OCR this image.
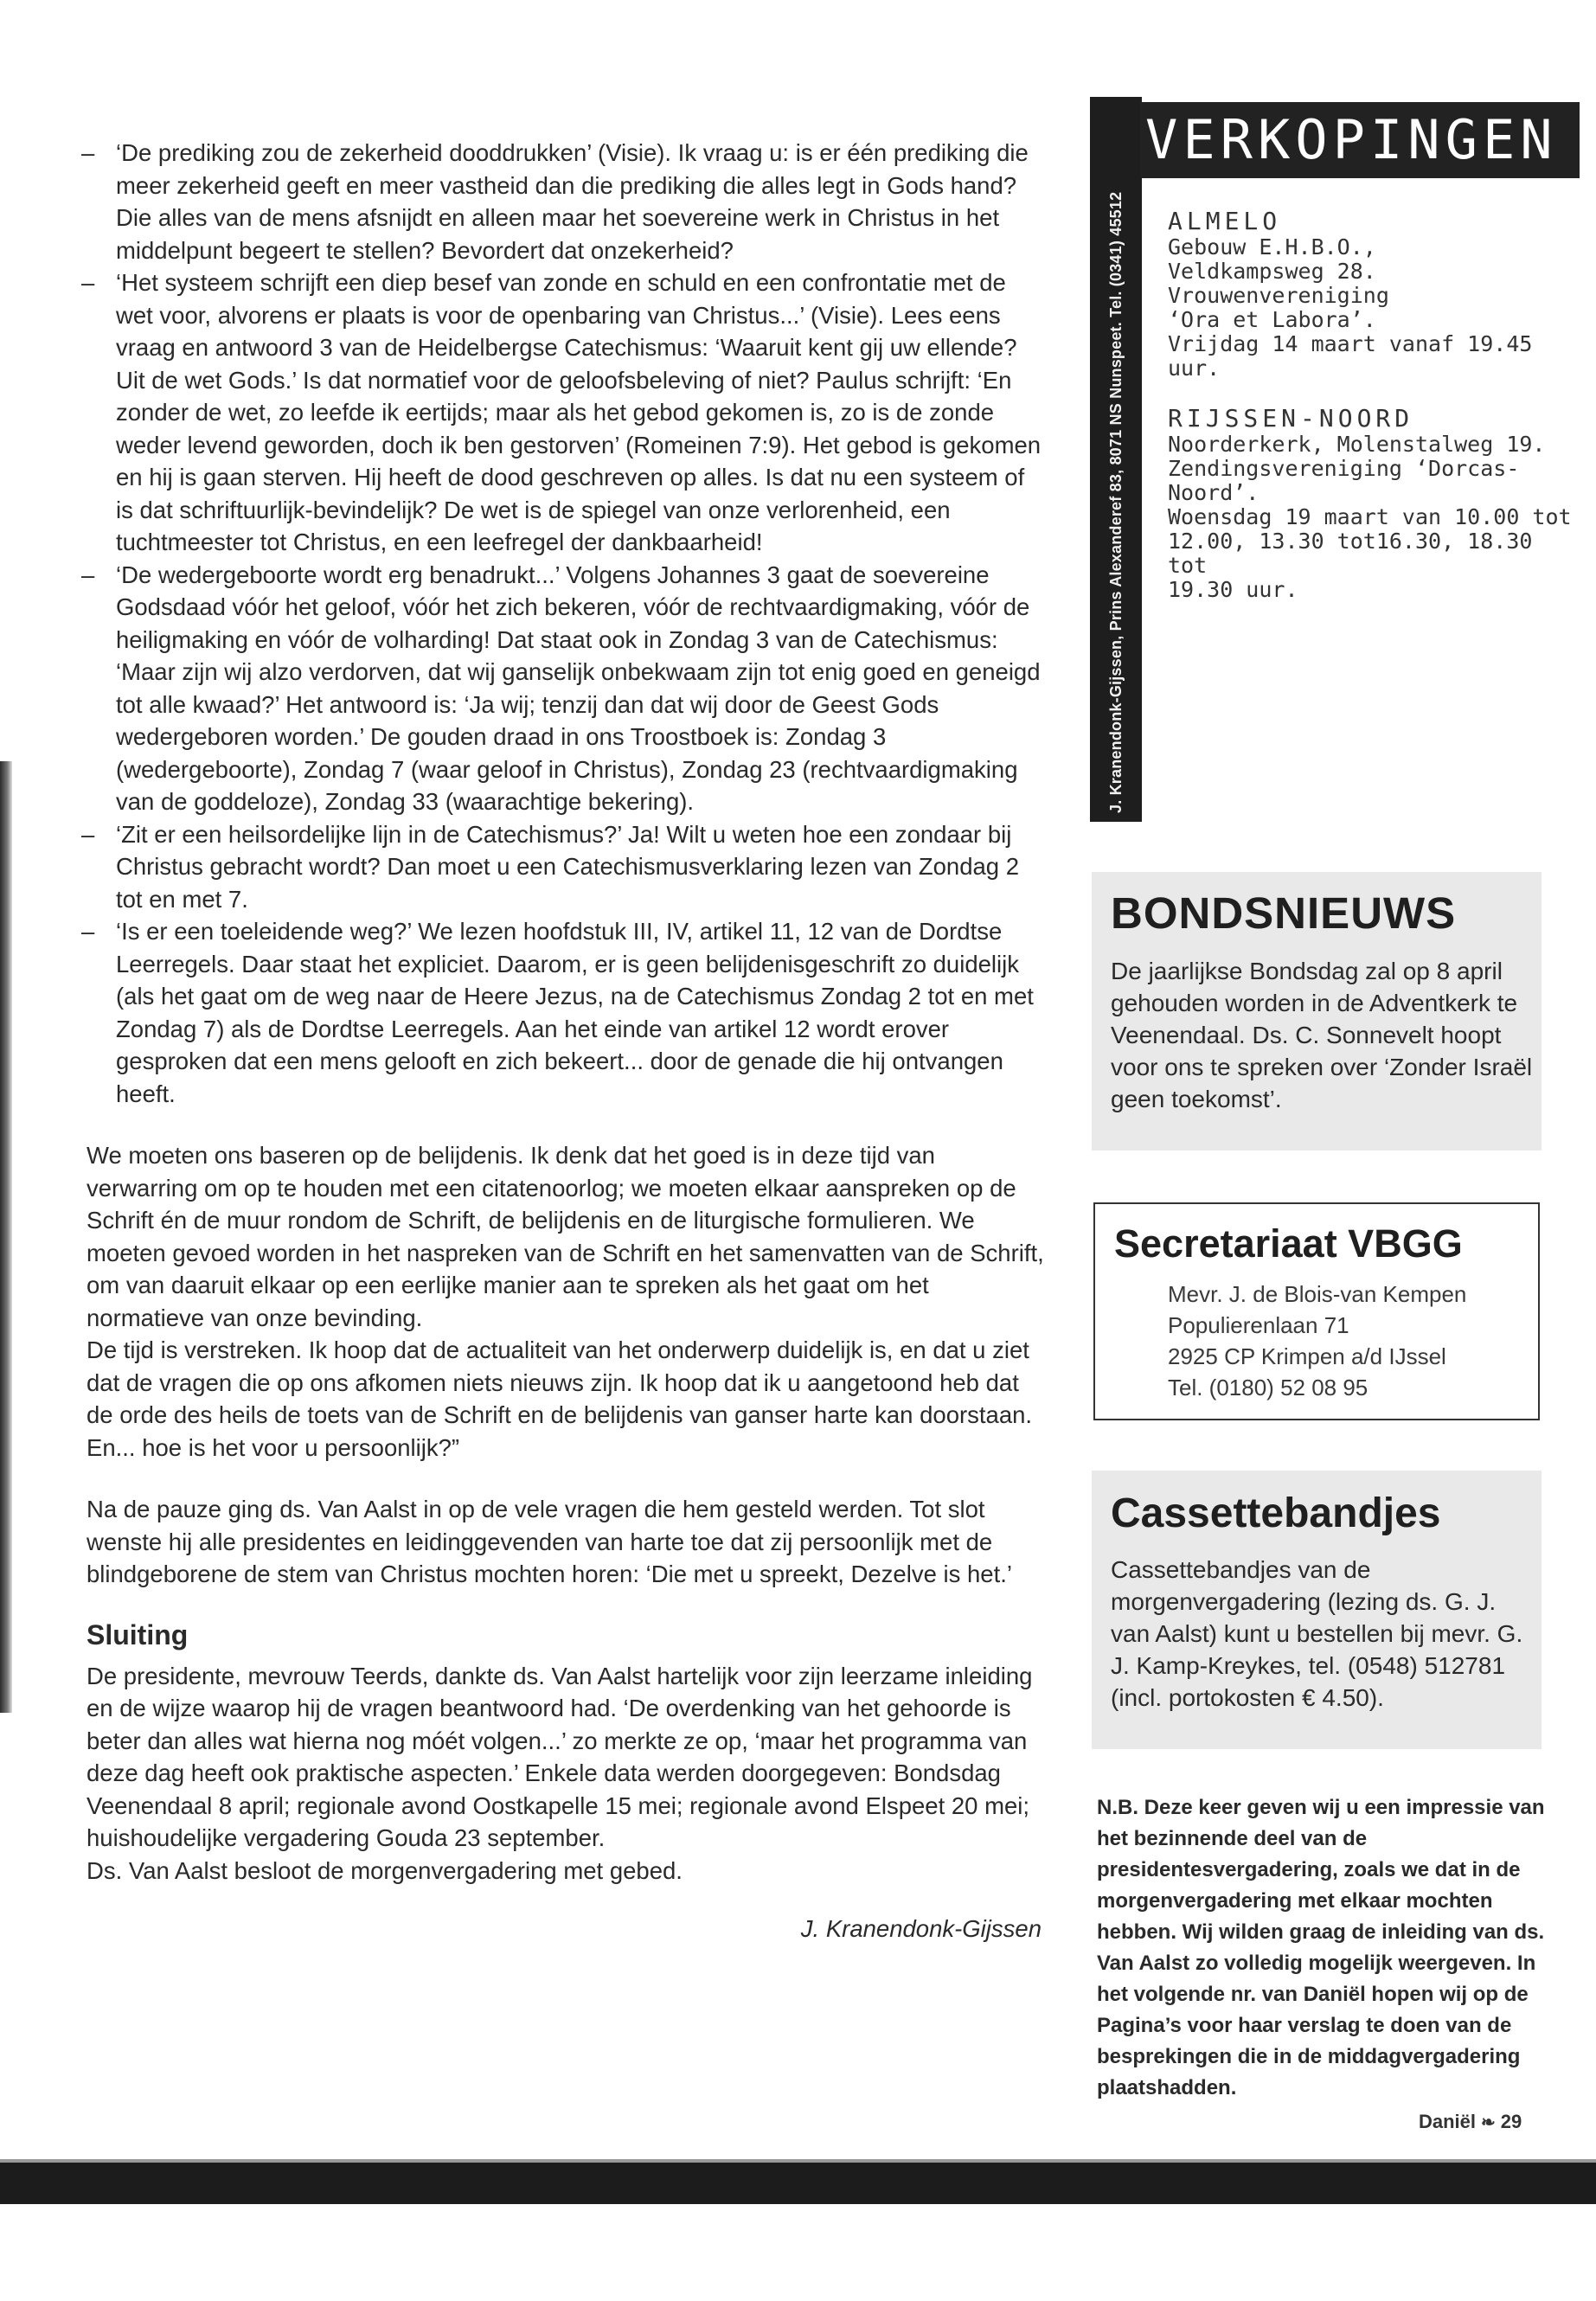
– ‘De prediking zou de zekerheid dooddrukken’ (Visie). Ik vraag u: is er één prediking die meer zekerheid geeft en meer vastheid dan die prediking die alles legt in Gods hand? Die alles van de mens afsnijdt en alleen maar het soevereine werk in Christus in het middelpunt begeert te stellen? Bevordert dat onzekerheid?
– ‘Het systeem schrijft een diep besef van zonde en schuld en een confrontatie met de wet voor, alvorens er plaats is voor de openbaring van Christus...’ (Visie). Lees eens vraag en antwoord 3 van de Heidelbergse Catechismus: ‘Waaruit kent gij uw ellende? Uit de wet Gods.’ Is dat normatief voor de geloofsbeleving of niet? Paulus schrijft: ‘En zonder de wet, zo leefde ik eertijds; maar als het gebod gekomen is, zo is de zonde weder levend geworden, doch ik ben gestorven’ (Romeinen 7:9). Het gebod is gekomen en hij is gaan sterven. Hij heeft de dood geschreven op alles. Is dat nu een systeem of is dat schriftuurlijk-bevindelijk? De wet is de spiegel van onze verlorenheid, een tuchtmeester tot Christus, en een leefregel der dankbaarheid!
– ‘De wedergeboorte wordt erg benadrukt...’ Volgens Johannes 3 gaat de soevereine Godsdaad vóór het geloof, vóór het zich bekeren, vóór de rechtvaardigmaking, vóór de heiligmaking en vóór de volharding! Dat staat ook in Zondag 3 van de Catechismus: ‘Maar zijn wij alzo verdorven, dat wij ganselijk onbekwaam zijn tot enig goed en geneigd tot alle kwaad?’ Het antwoord is: ‘Ja wij; tenzij dan dat wij door de Geest Gods wedergeboren worden.’ De gouden draad in ons Troostboek is: Zondag 3 (wedergeboorte), Zondag 7 (waar geloof in Christus), Zondag 23 (rechtvaardigmaking van de goddeloze), Zondag 33 (waarachtige bekering).
– ‘Zit er een heilsordelijke lijn in de Catechismus?’ Ja! Wilt u weten hoe een zondaar bij Christus gebracht wordt? Dan moet u een Catechismusverklaring lezen van Zondag 2 tot en met 7.
– ‘Is er een toeleidende weg?’ We lezen hoofdstuk III, IV, artikel 11, 12 van de Dordtse Leerregels. Daar staat het expliciet. Daarom, er is geen belijdenisgeschrift zo duidelijk (als het gaat om de weg naar de Heere Jezus, na de Catechismus Zondag 2 tot en met Zondag 7) als de Dordtse Leerregels. Aan het einde van artikel 12 wordt erover gesproken dat een mens gelooft en zich bekeert... door de genade die hij ontvangen heeft.
We moeten ons baseren op de belijdenis. Ik denk dat het goed is in deze tijd van verwarring om op te houden met een citatenoorlog; we moeten elkaar aanspreken op de Schrift én de muur rondom de Schrift, de belijdenis en de liturgische formulieren. We moeten gevoed worden in het naspreken van de Schrift en het samenvatten van de Schrift, om van daaruit elkaar op een eerlijke manier aan te spreken als het gaat om het normatieve van onze bevinding.
De tijd is verstreken. Ik hoop dat de actualiteit van het onderwerp duidelijk is, en dat u ziet dat de vragen die op ons afkomen niets nieuws zijn. Ik hoop dat ik u aangetoond heb dat de orde des heils de toets van de Schrift en de belijdenis van ganser harte kan doorstaan. En... hoe is het voor u persoonlijk?”
Na de pauze ging ds. Van Aalst in op de vele vragen die hem gesteld werden. Tot slot wenste hij alle presidentes en leidinggevenden van harte toe dat zij persoonlijk met de blindgeborene de stem van Christus mochten horen: ‘Die met u spreekt, Dezelve is het.’
Sluiting
De presidente, mevrouw Teerds, dankte ds. Van Aalst hartelijk voor zijn leerzame inleiding en de wijze waarop hij de vragen beantwoord had. ‘De overdenking van het gehoorde is beter dan alles wat hierna nog móét volgen...’ zo merkte ze op, ‘maar het programma van deze dag heeft ook praktische aspecten.’ Enkele data werden doorgegeven: Bondsdag Veenendaal 8 april; regionale avond Oostkapelle 15 mei; regionale avond Elspeet 20 mei; huishoudelijke vergadering Gouda 23 september.
Ds. Van Aalst besloot de morgenvergadering met gebed.
J. Kranendonk-Gijssen
J. Kranendonk-Gijssen, Prins Alexanderef 83, 8071 NS Nunspeet. Tel. (0341) 45512
VERKOPINGEN
ALMELO
Gebouw E.H.B.O.,
Veldkampsweg 28.
Vrouwenvereniging
‘Ora et Labora’.
Vrijdag 14 maart vanaf 19.45 uur.
RIJSSEN-NOORD
Noorderkerk, Molenstalweg 19.
Zendingsvereniging ‘Dorcas-
Noord’.
Woensdag 19 maart van 10.00 tot
12.00, 13.30 tot16.30, 18.30 tot
19.30 uur.
BONDSNIEUWS
De jaarlijkse Bondsdag zal op 8 april gehouden worden in de Adventkerk te Veenendaal. Ds. C. Sonnevelt hoopt voor ons te spreken over ‘Zonder Israël geen toekomst’.
Secretariaat VBGG
Mevr. J. de Blois-van Kempen
Populierenlaan 71
2925 CP Krimpen a/d IJssel
Tel. (0180) 52 08 95
Cassettebandjes
Cassettebandjes van de morgenvergadering (lezing ds. G. J. van Aalst) kunt u bestellen bij mevr. G. J. Kamp-Kreykes, tel. (0548) 512781 (incl. portokosten € 4.50).
N.B. Deze keer geven wij u een impressie van het bezinnende deel van de presidentesvergadering, zoals we dat in de morgenvergadering met elkaar mochten hebben. Wij wilden graag de inleiding van ds. Van Aalst zo volledig mogelijk weergeven. In het volgende nr. van Daniël hopen wij op de Pagina’s voor haar verslag te doen van de besprekingen die in de middagvergadering plaatshadden.
Daniël ❧ 29
